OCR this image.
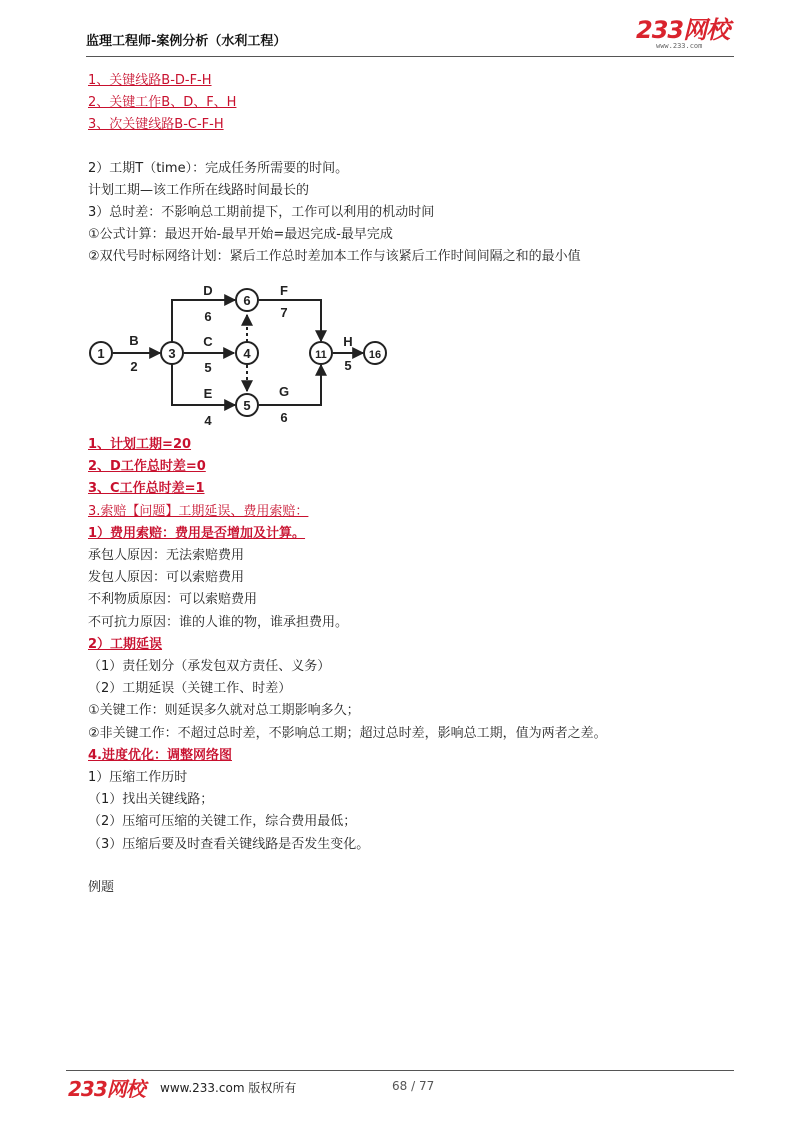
监理工程师-案例分析（水利工程）	233网校
www.233.com

1、关键线路B-D-F-H

2、关键工作B、D、F、H

3、次关键线路B-C-F-H

2）工期T（time）：完成任务所需要的时间。

计划工期—该工作所在线路时间最长的

3）总时差：不影响总工期前提下，工作可以利用的机动时间

①公式计算：最迟开始-最早开始=最迟完成-最早完成

②双代号时标网络计划：紧后工作总时差加本工作与该紧后工作时间间隔之和的最小值

1	3
6
4
5
11	16
B
2
D
6
C
5
E
4
F
7
G
6
H
5

1、计划工期=20

2、D工作总时差=0

3、C工作总时差=1

3.索赔【问题】工期延误、费用索赔：

1）费用索赔：费用是否增加及计算。

承包人原因：无法索赔费用

发包人原因：可以索赔费用

不利物质原因：可以索赔费用

不可抗力原因：谁的人谁的物，谁承担费用。

2）工期延误

（1）责任划分（承发包双方责任、义务）

（2）工期延误（关键工作、时差）

①关键工作：则延误多久就对总工期影响多久；

②非关键工作：不超过总时差，不影响总工期；超过总时差，影响总工期，值为两者之差。

4.进度优化：调整网络图

1）压缩工作历时

（1）找出关键线路；

（2）压缩可压缩的关键工作，综合费用最低；

（3）压缩后要及时查看关键线路是否发生变化。

例题
233网校 www.233.com 版权所有	68 / 77
